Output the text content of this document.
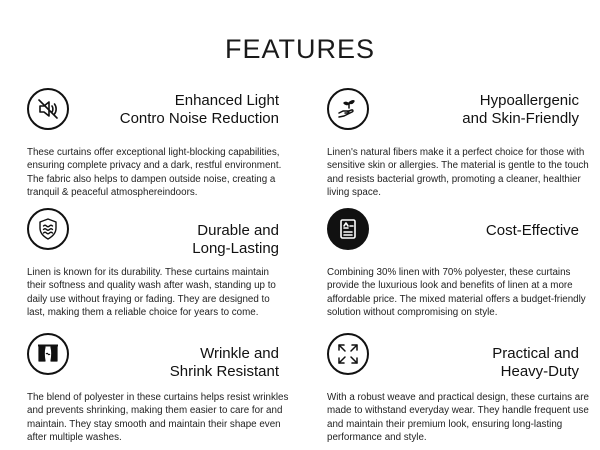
FEATURES
Enhanced Light
Contro Noise Reduction
These curtains offer exceptional light-blocking capabilities, ensuring complete privacy and a dark, restful environment. The fabric also helps to dampen outside noise, creating a tranquil & peaceful atmosphereindoors.
Hypoallergenic
and Skin-Friendly
Linen's natural fibers make it a perfect choice for those with sensitive skin or allergies. The material is gentle to the touch and resists bacterial growth, promoting a cleaner, healthier living space.
Durable and
Long-Lasting
Linen is known for its durability. These curtains maintain their softness and quality wash after wash, standing up to daily use without fraying or fading. They are designed to last, making them a reliable choice for years to come.
Cost-Effective
Combining 30% linen with 70% polyester, these curtains provide the luxurious look and benefits of linen at a more affordable price. The mixed material offers a budget-friendly solution without compromising on style.
Wrinkle and
Shrink Resistant
The blend of polyester in these curtains helps resist wrinkles and prevents shrinking, making them easier to care for and maintain. They stay smooth and maintain their shape even after multiple washes.
Practical and
Heavy-Duty
With a robust weave and practical design, these curtains are made to withstand everyday wear. They handle frequent use and maintain their premium look, ensuring long-lasting performance and style.
